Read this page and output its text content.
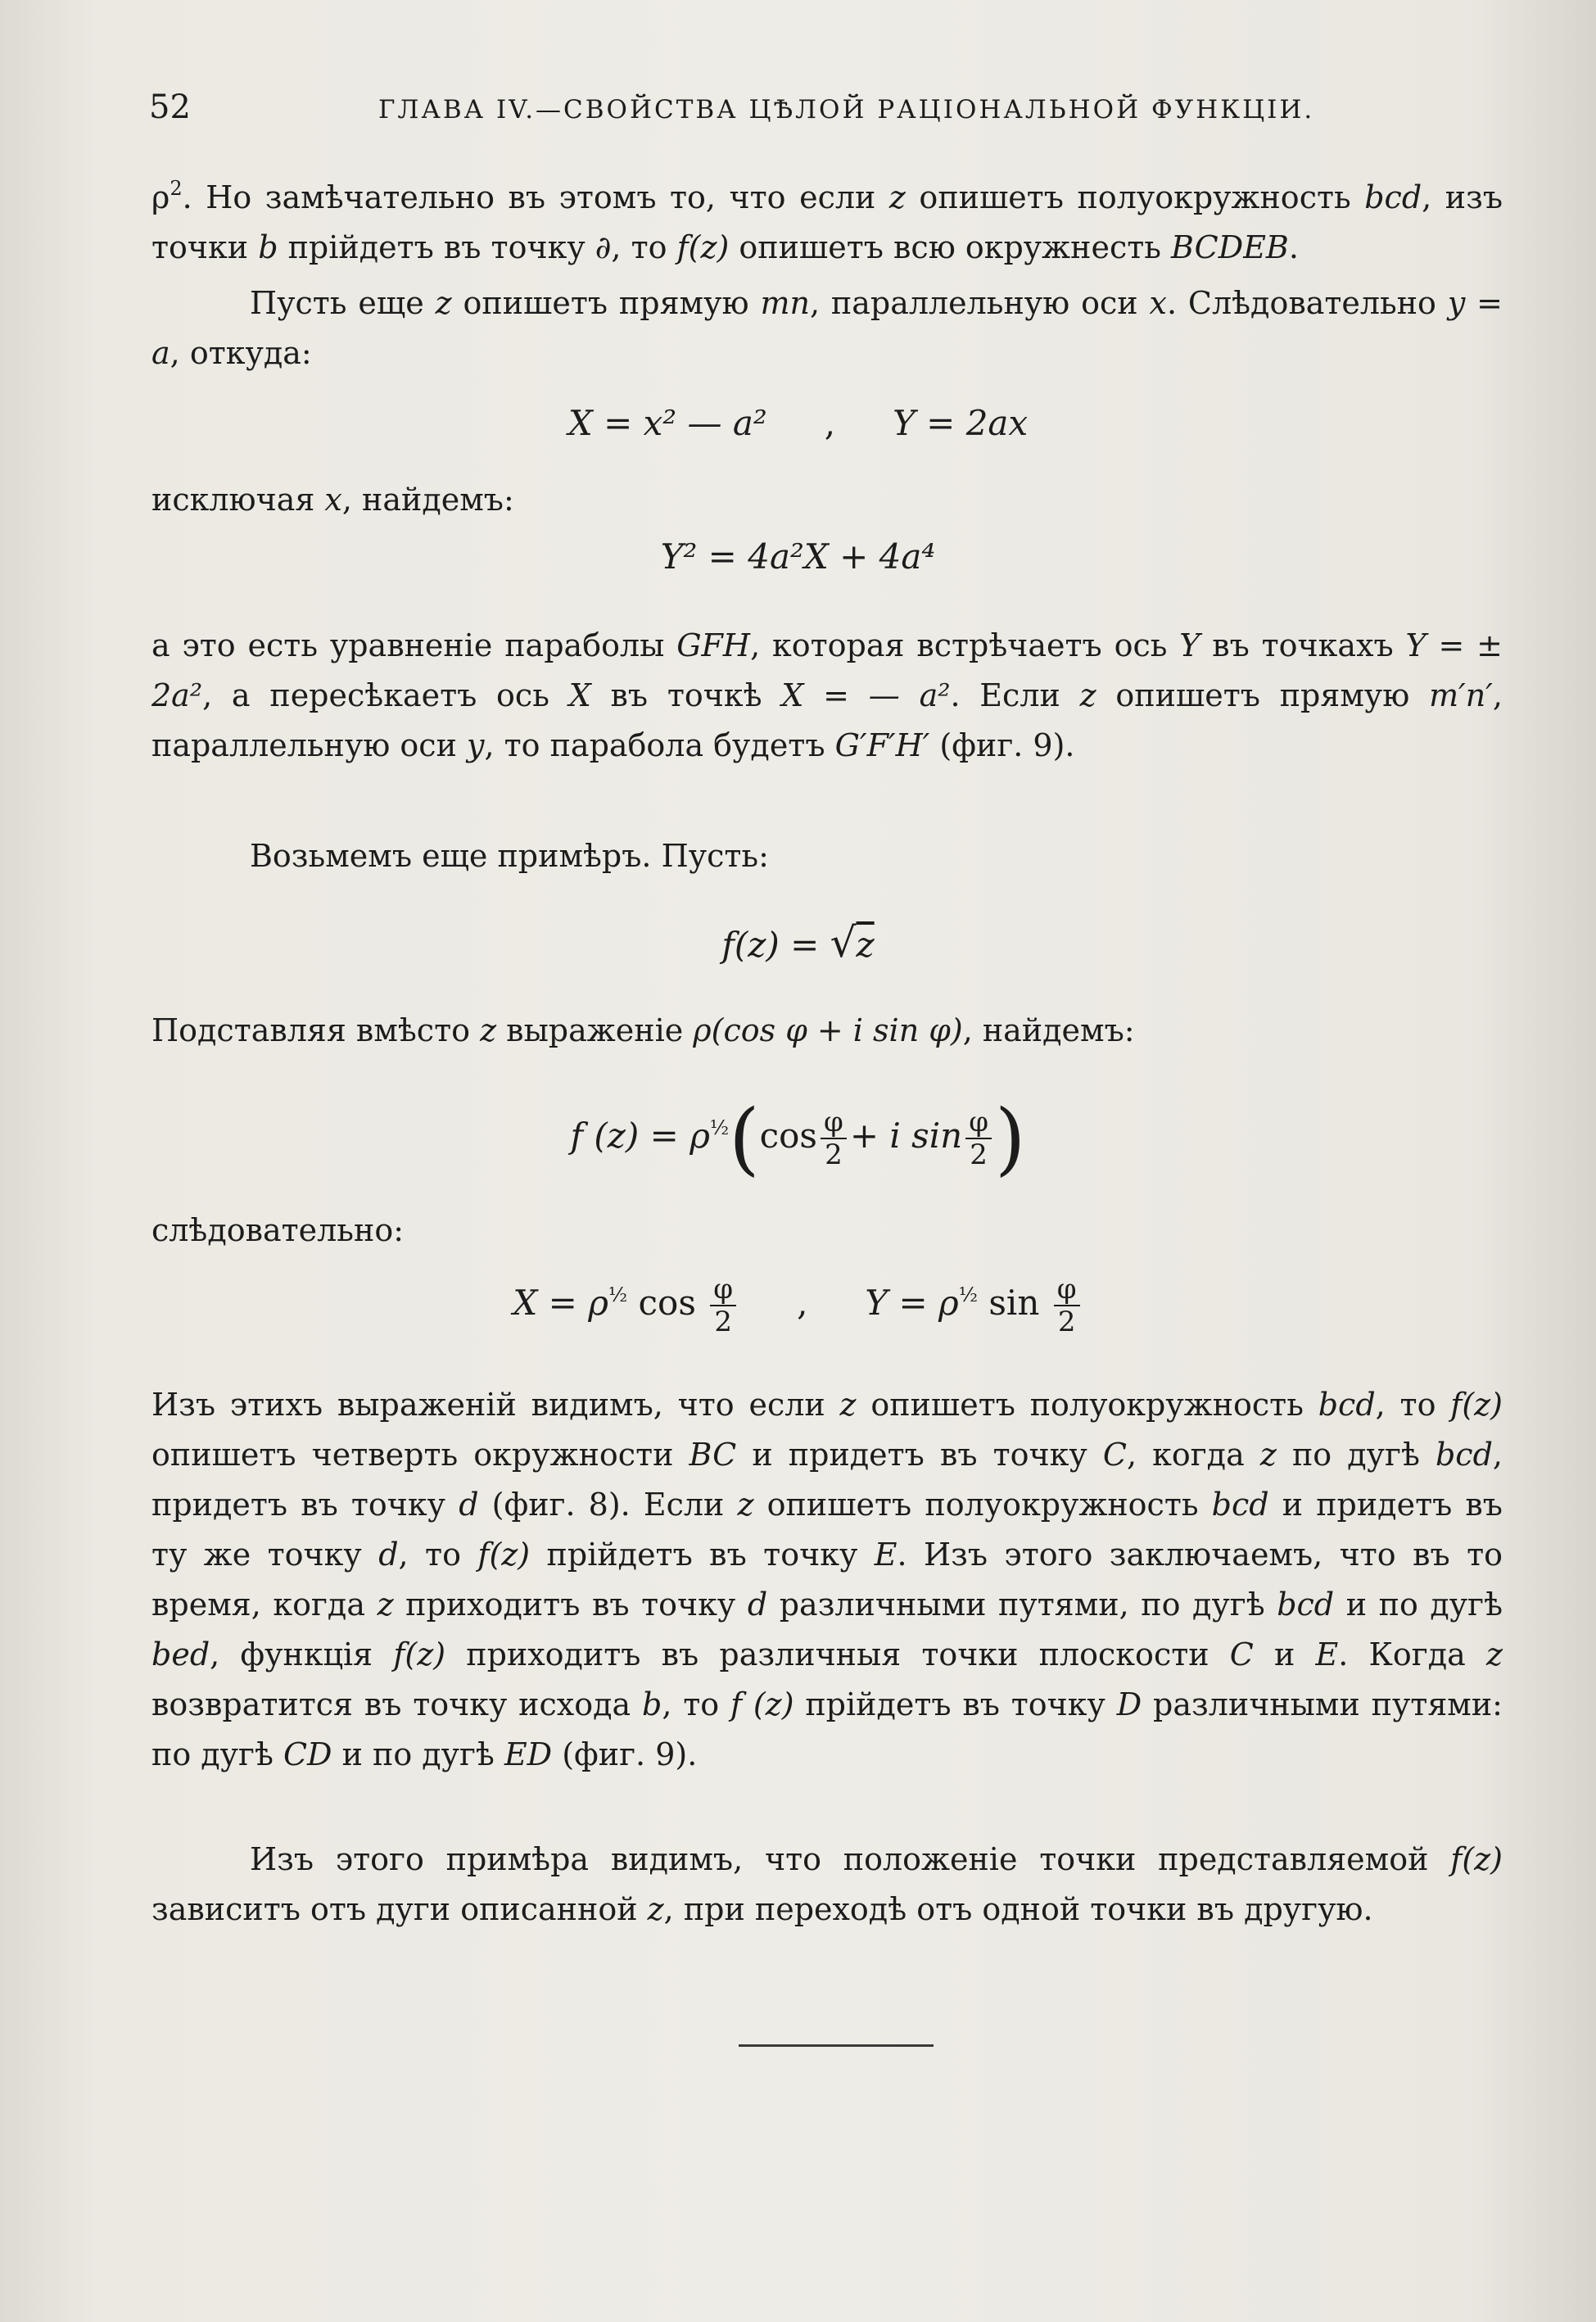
52	ГЛАВА IV.—СВОЙСТВА ЦѢЛОЙ РАЦІОНАЛЬНОЙ ФУНКЦІИ.

$\rho^2$. Но замѣчательно въ этомъ то, что если z опишетъ полуокружность bcd, изъ точки b прійдетъ въ точку ∂, то f(z) опишетъ всю окружнесть BCDEB.

Пусть еще z опишетъ прямую mn, параллельную оси x. Слѣдовательно y = a, откуда:

X = x² — a² , Y = 2ax

исключая x, найдемъ:

Y² = 4a²X + 4a⁴

а это есть уравненіе параболы GFH, которая встрѣчаетъ ось Y въ точкахъ Y = ± 2a², а пересѣкаетъ ось X въ точкѣ X = — a². Если z опишетъ прямую m′n′, параллельную оси y, то парабола будетъ G′F′H′ (фиг. 9).

Возьмемъ еще примѣръ. Пусть:

f(z) = √z

Подставляя вмѣсто z выраженіе ρ(cos φ + i sin φ), найдемъ:

f $(z) = \rho^{\frac{1}{2}}(\cos \frac{\varphi}{2} + i$ $\sin \frac{\varphi}{2}$ )

слѣдовательно:

$X = \rho^{\frac{1}{2}}$ $\cos \frac{\varphi}{2}$ , $Y = \rho^{\frac{1}{2}}$ $\sin \frac{\varphi}{2}$

Изъ этихъ выраженій видимъ, что если z опишетъ полуокружность bcd, то f(z) опишетъ четверть окружности BC и придетъ въ точку C, когда z по дугѣ bcd, придетъ въ точку d (фиг. 8). Если z опишетъ полуокружность bcd и придетъ въ ту же точку d, то f(z) прійдетъ въ точку E. Изъ этого заключаемъ, что въ то время, когда z приходитъ въ точку d различными путями, по дугѣ bcd и по дугѣ bed, функція f(z) приходитъ въ различныя точки плоскости C и E. Когда z возвратится въ точку исхода b, то f (z) прійдетъ въ точку D различными путями: по дугѣ CD и по дугѣ ED (фиг. 9).

Изъ этого примѣра видимъ, что положеніе точки представляемой f(z) зависитъ отъ дуги описанной z, при переходѣ отъ одной точки въ другую.
